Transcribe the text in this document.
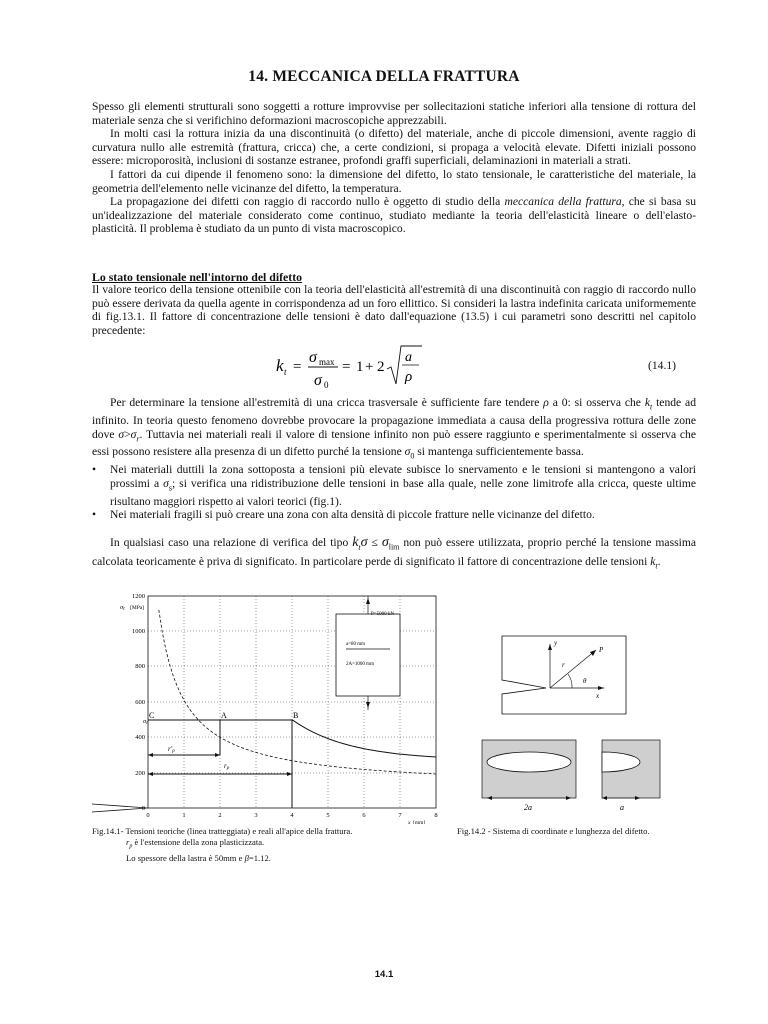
14. MECCANICA DELLA FRATTURA

Spesso gli elementi strutturali sono soggetti a rotture improvvise per sollecitazioni statiche inferiori alla tensione di rottura del materiale senza che si verifichino deformazioni macroscopiche apprezzabili.

In molti casi la rottura inizia da una discontinuità (o difetto) del materiale, anche di piccole dimensioni, avente raggio di curvatura nullo alle estremità (frattura, cricca) che, a certe condizioni, si propaga a velocità elevate. Difetti iniziali possono essere: microporosità, inclusioni di sostanze estranee, profondi graffi superficiali, delaminazioni in materiali a strati.

I fattori da cui dipende il fenomeno sono: la dimensione del difetto, lo stato tensionale, le caratteristiche del materiale, la geometria dell'elemento nelle vicinanze del difetto, la temperatura.

La propagazione dei difetti con raggio di raccordo nullo è oggetto di studio della meccanica della frattura, che si basa su un'idealizzazione del materiale considerato come continuo, studiato mediante la teoria dell'elasticità lineare o dell'elasto-plasticità. Il problema è studiato da un punto di vista macroscopico.

Lo stato tensionale nell'intorno del difetto
Il valore teorico della tensione ottenibile con la teoria dell'elasticità all'estremità di una discontinuità con raggio di raccordo nullo può essere derivata da quella agente in corrispondenza ad un foro ellittico. Si consideri la lastra indefinita caricata uniformemente di fig.13.1. Il fattore di concentrazione delle tensioni è dato dall'equazione (13.5) i cui parametri sono descritti nel capitolo precedente:
k t =
σ max
σ 0
= 1 + 2
a
ρ
(14.1)

Per determinare la tensione all'estremità di una cricca trasversale è sufficiente fare tendere ρ a 0: si osserva che $k_t$ tende ad infinito. In teoria questo fenomeno dovrebbe provocare la propagazione immediata a causa della progressiva rottura delle zone dove $\sigma>\sigma_r$. Tuttavia nei materiali reali il valore di tensione infinito non può essere raggiunto e sperimentalmente si osserva che essi possono resistere alla presenza di un difetto purché la tensione $\sigma_0$ si mantenga sufficientemente bassa.

•	Nei materiali duttili la zona sottoposta a tensioni più elevate subisce lo snervamento e le tensioni si mantengono a valori prossimi a $\sigma_s$; si verifica una ridistribuzione delle tensioni in base alla quale, nelle zone limitrofe alla cricca, queste ultime risultano maggiori rispetto ai valori teorici (fig.1).
•	Nei materiali fragili si può creare una zona con alta densità di piccole fratture nelle vicinanze del difetto.
In qualsiasi caso una relazione di verifica del tipo $k_t\sigma \le \sigma_{lim}$ non può essere utilizzata, proprio perché la tensione massima calcolata teoricamente è priva di significato. In particolare perde di significato il fattore di concentrazione delle tensioni $k_t$.
0
200
400
600
800
1000
1200
0	1	2	3	4	5	6	7	8
σt [MPa]
x [mm]
σr
r'p
rp
C	A	B
P=5000 kN
a=80 mm
2A=1000 mm
y
P
r
θ
x
2a	a
Fig.14.1- Tensioni teoriche (linea tratteggiata) e reali all'apice della frattura.
$r_p$ è l'estensione della zona plasticizzata.
Lo spessore della lastra è 50mm e β=1.12.
Fig.14.2 - Sistema di coordinate e lunghezza del difetto.
14.1
